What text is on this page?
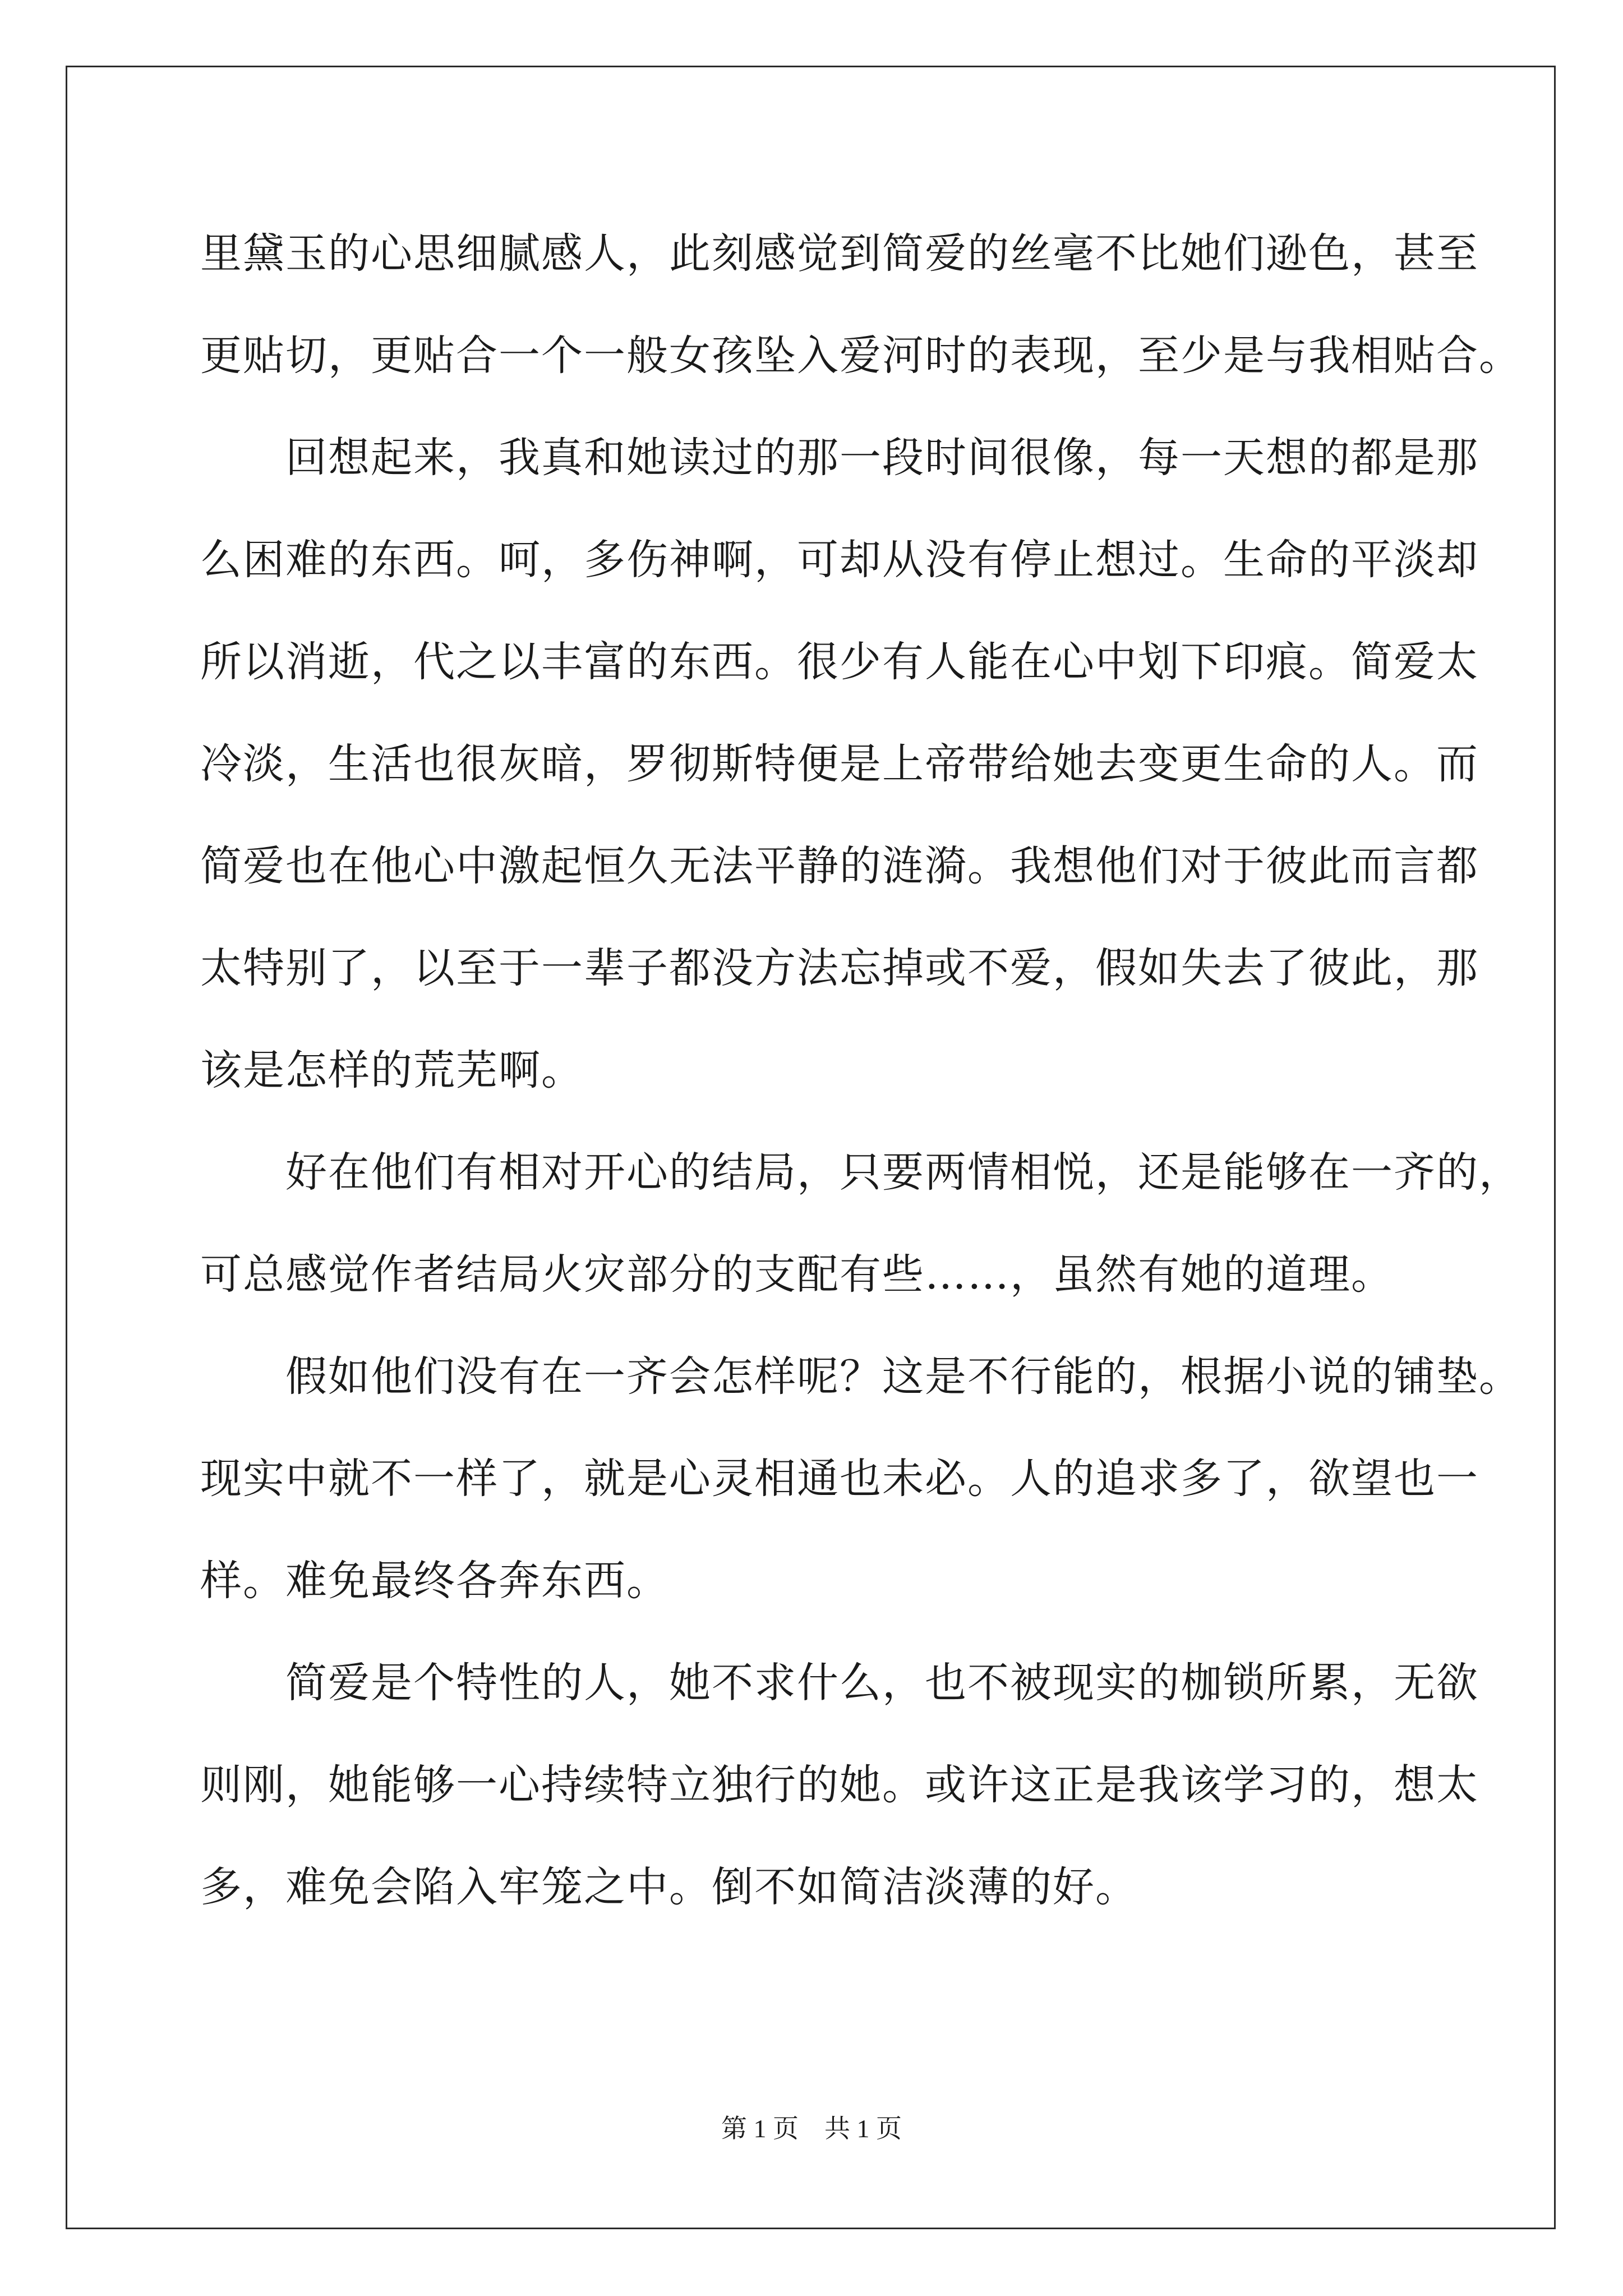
里黛玉的心思细腻感人，此刻感觉到简爱的丝毫不比她们逊色，甚至
更贴切，更贴合一个一般女孩坠入爱河时的表现，至少是与我相贴合。
　　回想起来，我真和她读过的那一段时间很像，每一天想的都是那
么困难的东西。呵，多伤神啊，可却从没有停止想过。生命的平淡却
所以消逝，代之以丰富的东西。很少有人能在心中划下印痕。简爱太
冷淡，生活也很灰暗，罗彻斯特便是上帝带给她去变更生命的人。而
简爱也在他心中激起恒久无法平静的涟漪。我想他们对于彼此而言都
太特别了，以至于一辈子都没方法忘掉或不爱，假如失去了彼此，那
该是怎样的荒芜啊。
　　好在他们有相对开心的结局，只要两情相悦，还是能够在一齐的，
可总感觉作者结局火灾部分的支配有些……，虽然有她的道理。
　　假如他们没有在一齐会怎样呢？这是不行能的，根据小说的铺垫。
现实中就不一样了，就是心灵相通也未必。人的追求多了，欲望也一
样。难免最终各奔东西。
　　简爱是个特性的人，她不求什么，也不被现实的枷锁所累，无欲
则刚，她能够一心持续特立独行的她。或许这正是我该学习的，想太
多，难免会陷入牢笼之中。倒不如简洁淡薄的好。
第 1 页　共 1 页
